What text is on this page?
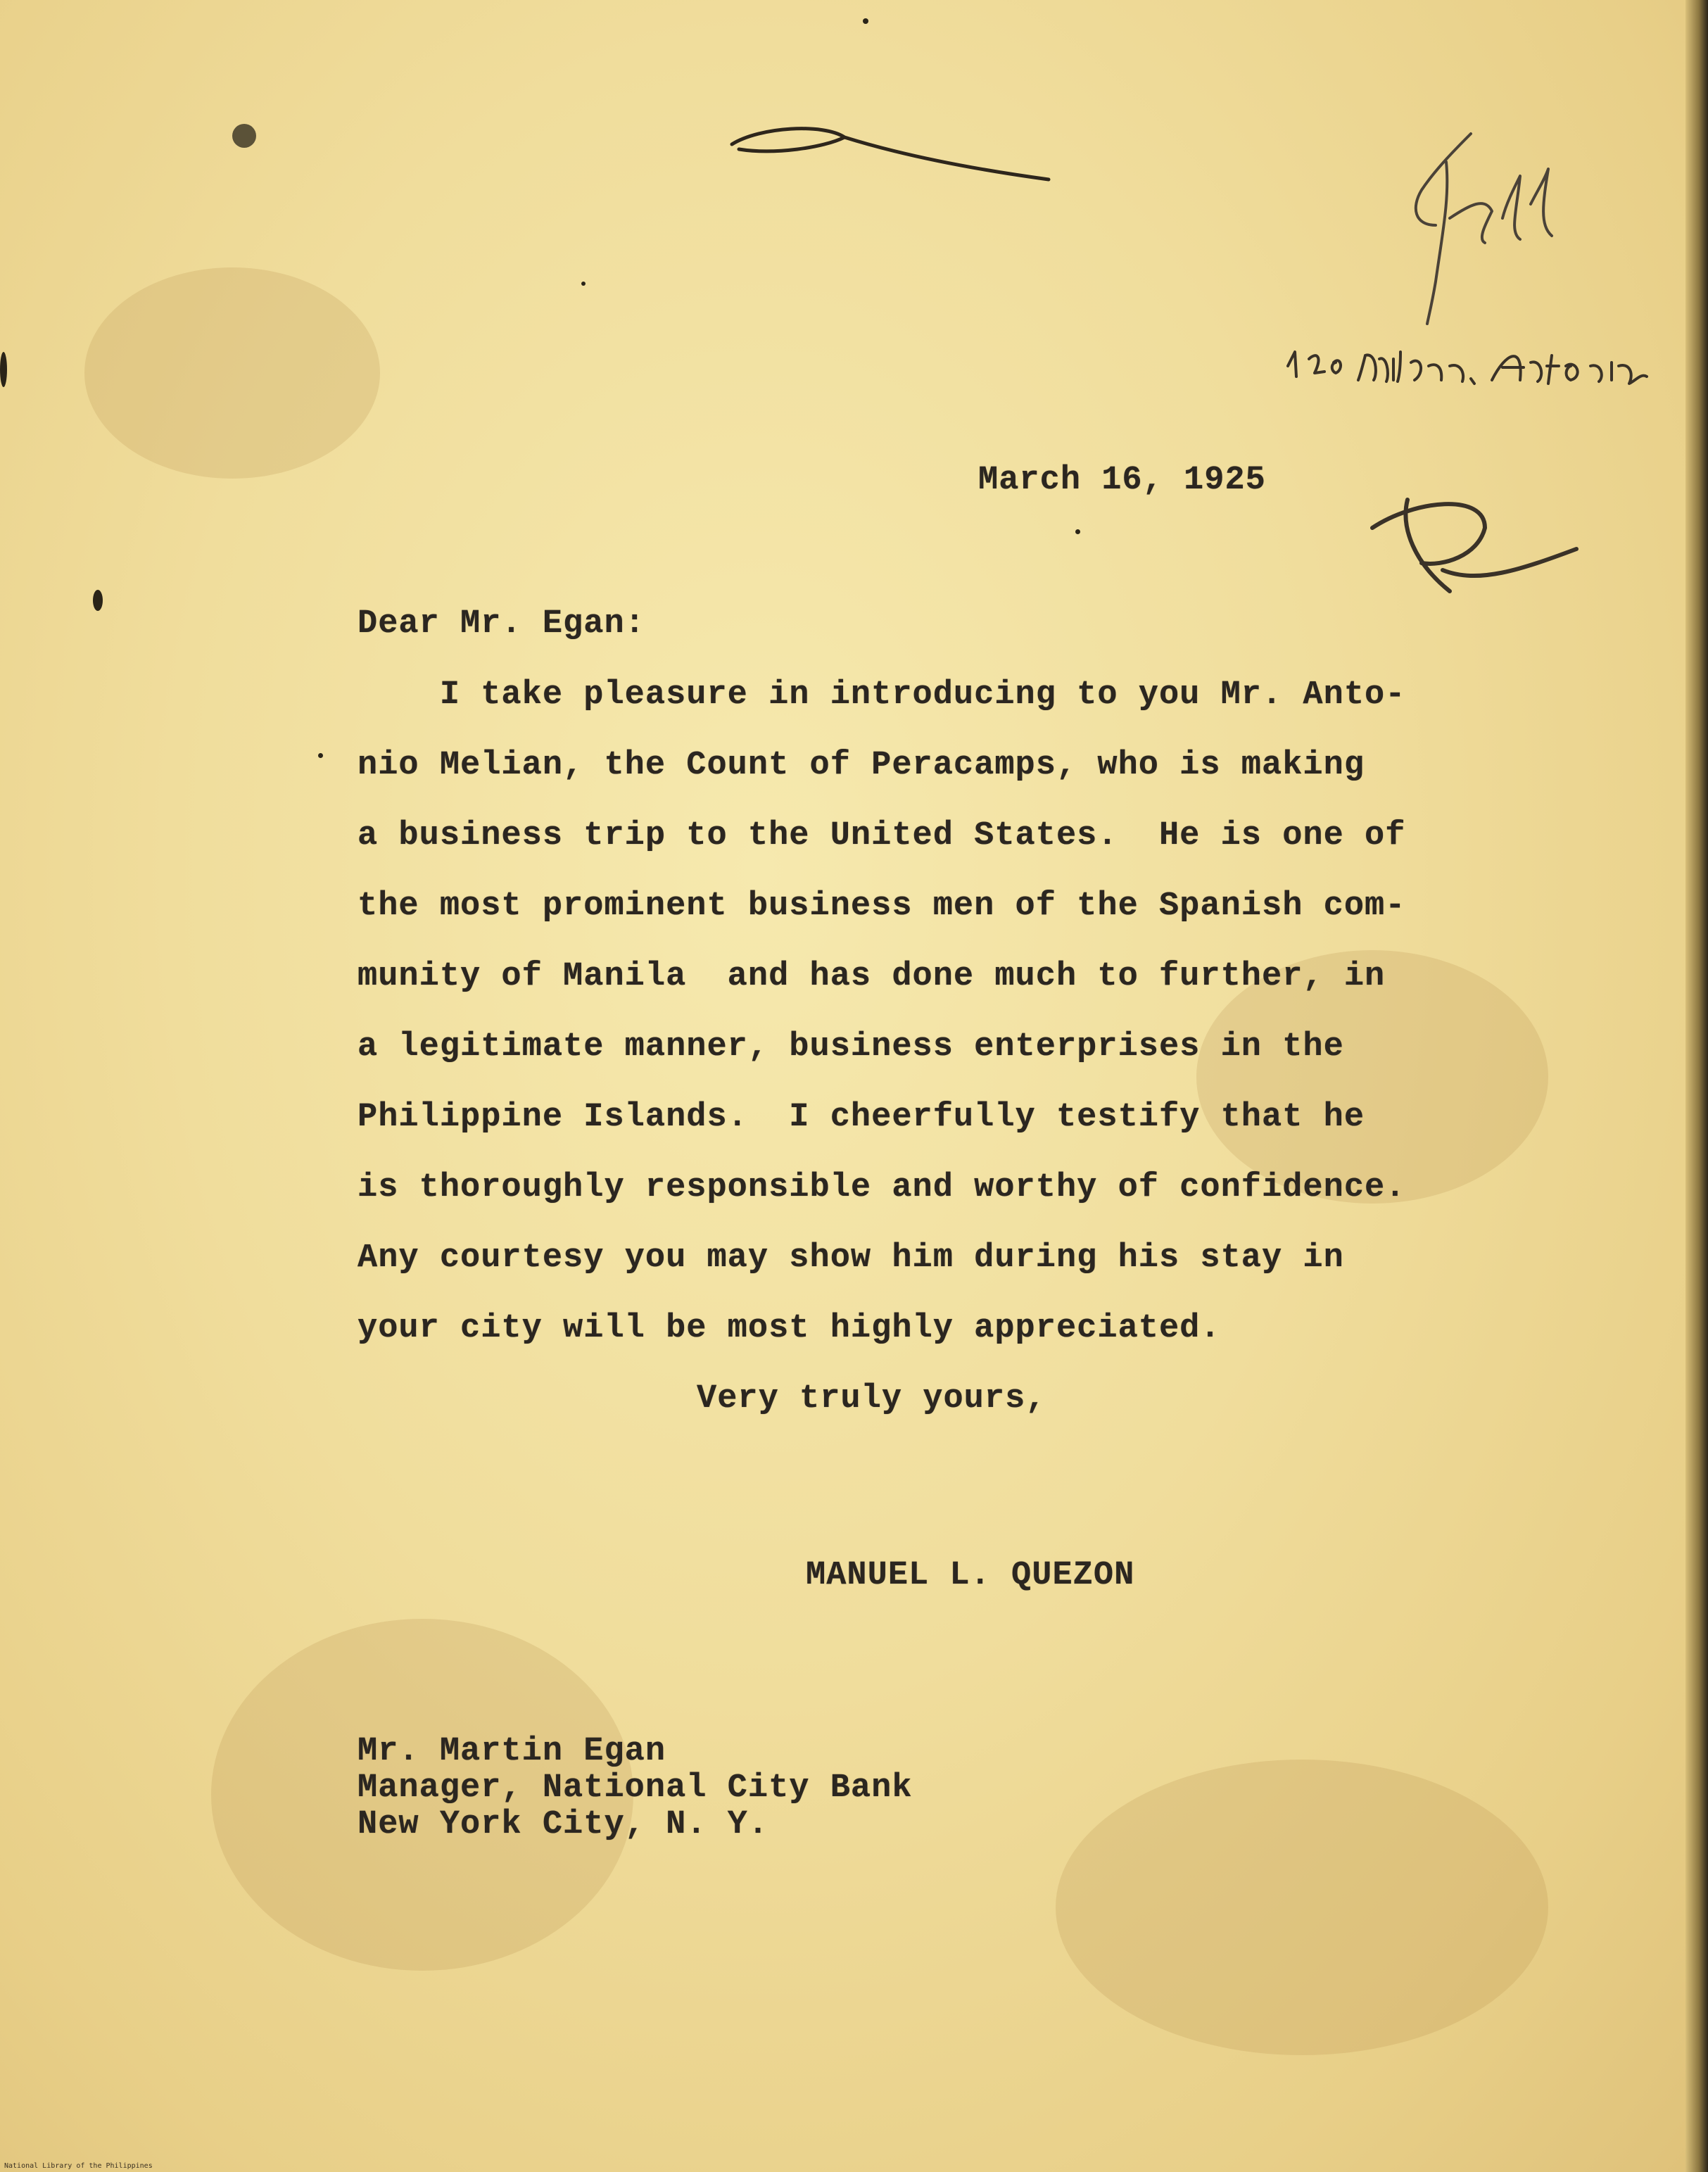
March 16, 1925
Dear Mr. Egan:
I take pleasure in introducing to you Mr. Anto-
nio Melian, the Count of Peracamps, who is making
a business trip to the United States.  He is one of
the most prominent business men of the Spanish com-
munity of Manila  and has done much to further, in
a legitimate manner, business enterprises in the
Philippine Islands.  I cheerfully testify that he
is thoroughly responsible and worthy of confidence.
Any courtesy you may show him during his stay in
your city will be most highly appreciated.
Very truly yours,
MANUEL L. QUEZON
Mr. Martin Egan
Manager, National City Bank
New York City, N. Y.
National Library of the Philippines
